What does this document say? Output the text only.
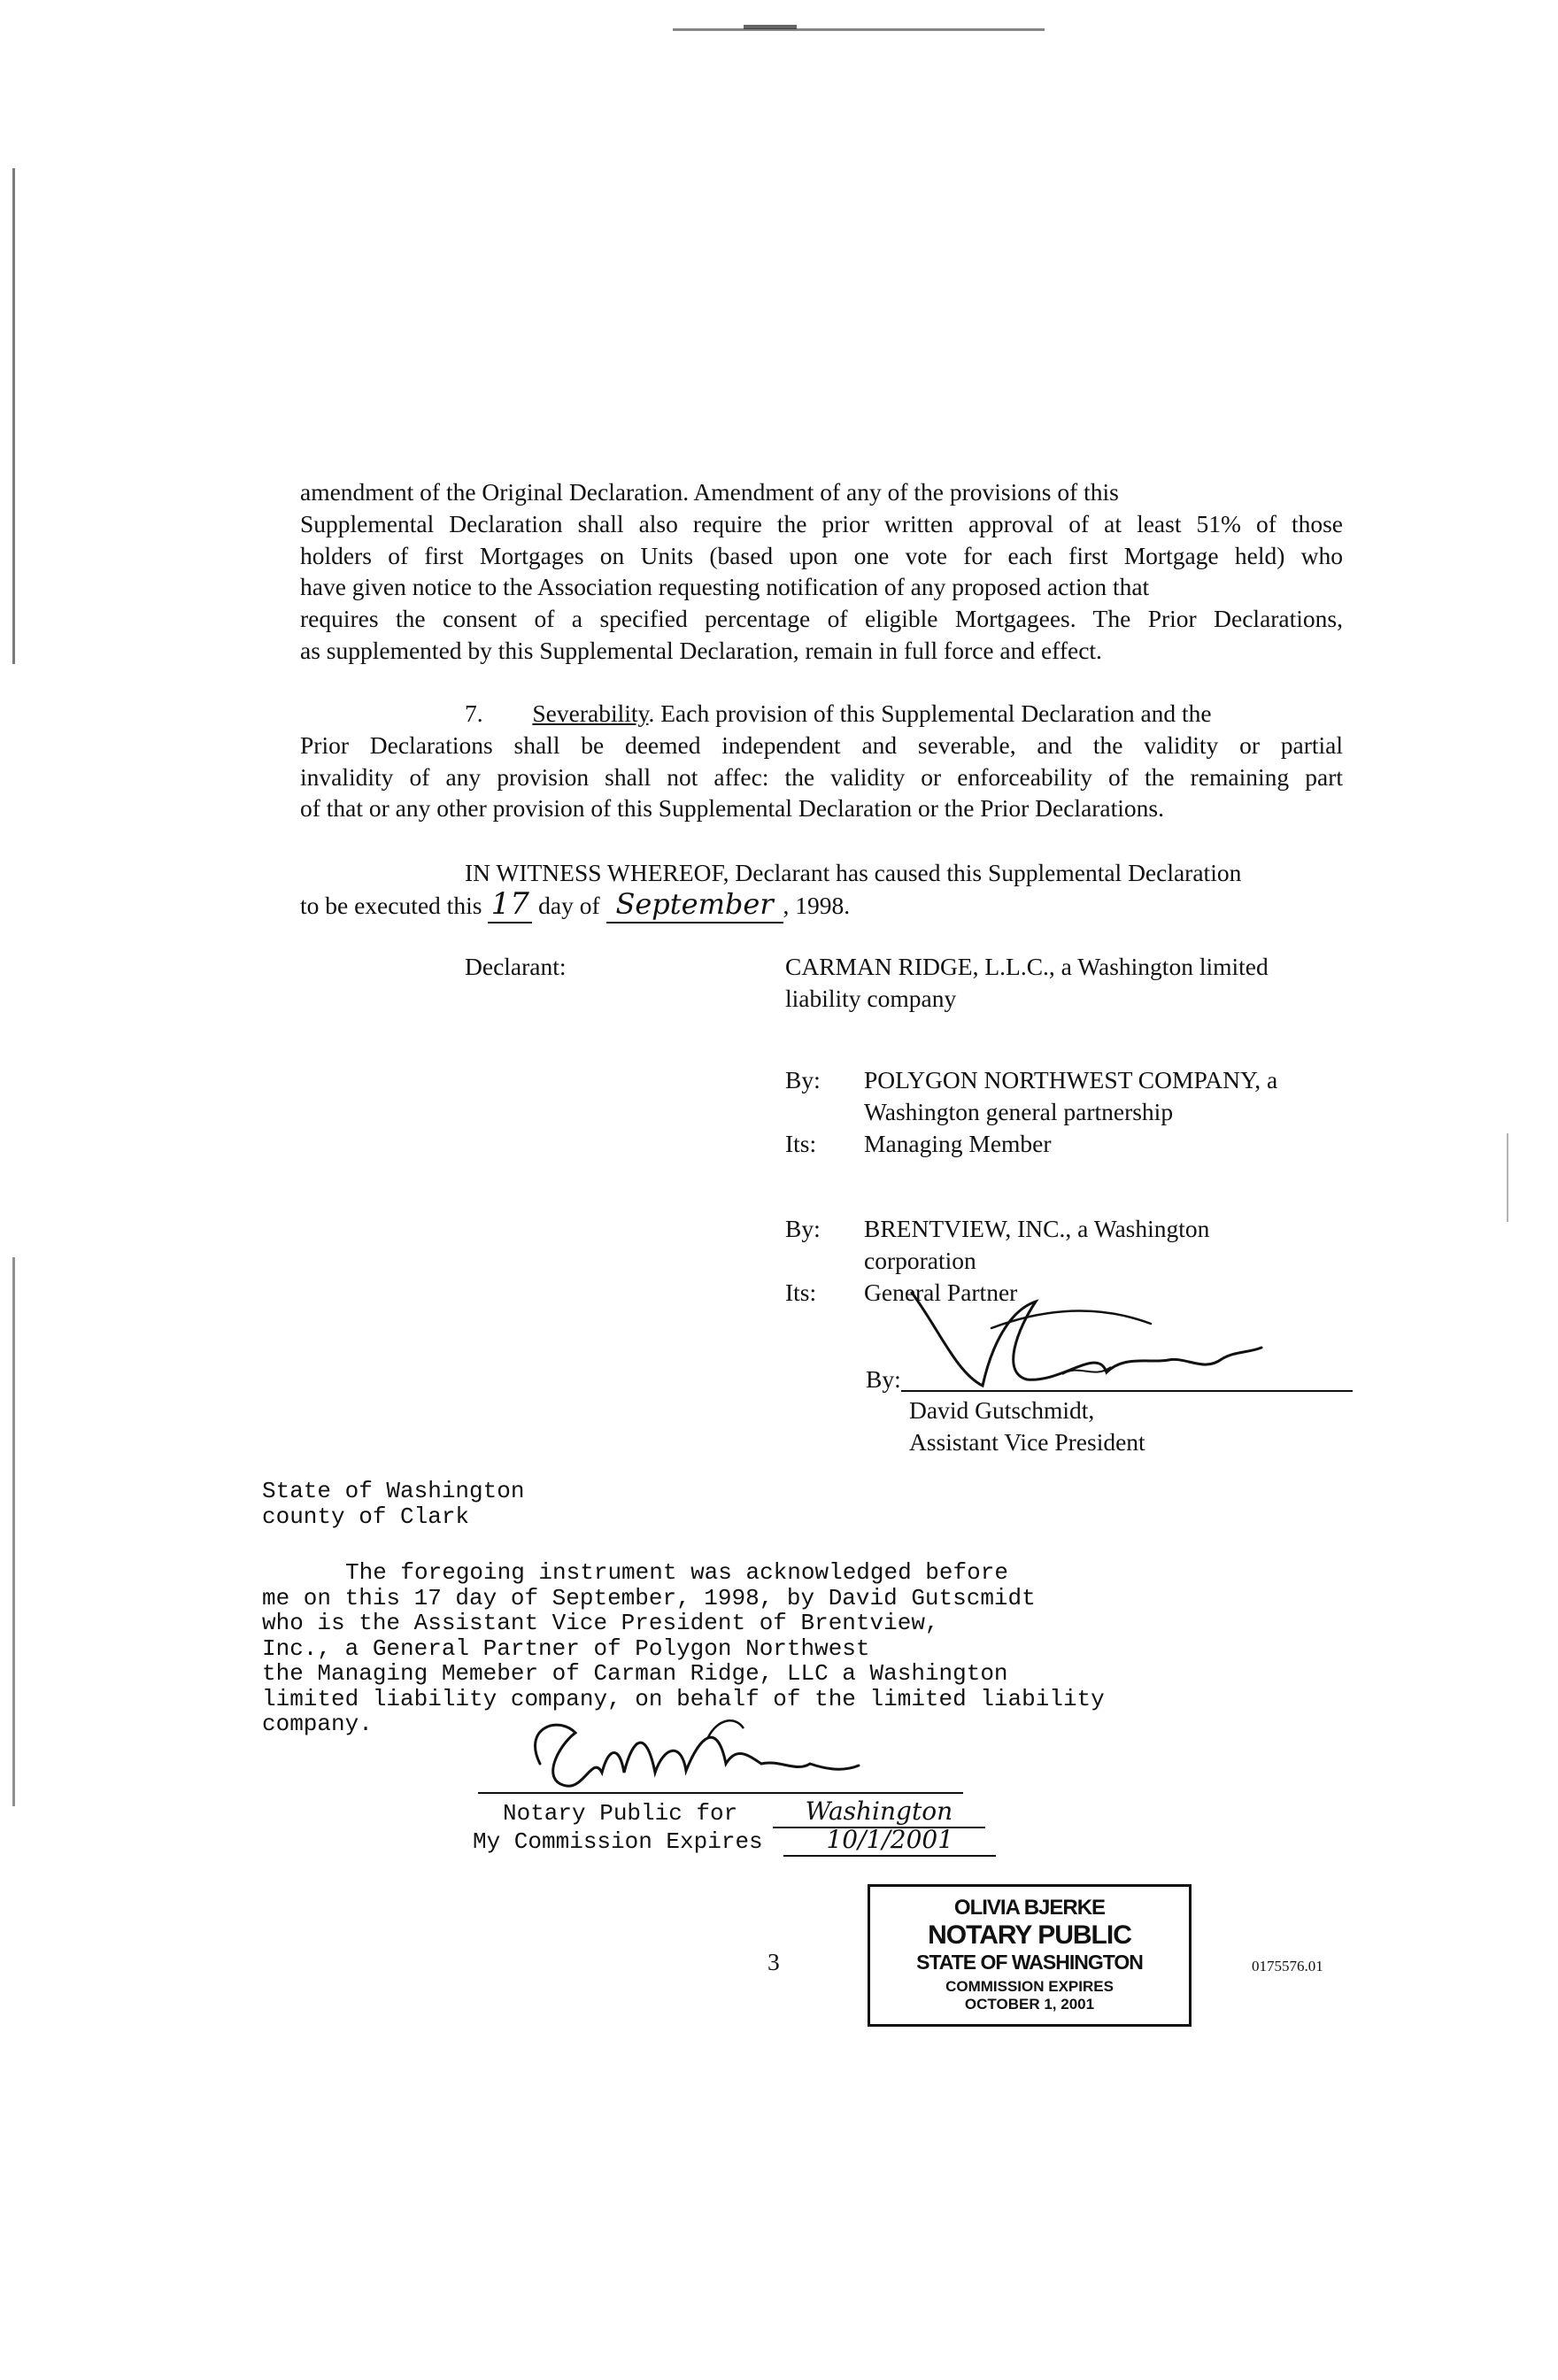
amendment of the Original Declaration. Amendment of any of the provisions of this
Supplemental Declaration shall also require the prior written approval of at least 51% of those
holders of first Mortgages on Units (based upon one vote for each first Mortgage held) who
have given notice to the Association requesting notification of any proposed action that
requires the consent of a specified percentage of eligible Mortgagees. The Prior Declarations,
as supplemented by this Supplemental Declaration, remain in full force and effect.
7. Severability. Each provision of this Supplemental Declaration and the
Prior Declarations shall be deemed independent and severable, and the validity or partial
invalidity of any provision shall not affec: the validity or enforceability of the remaining part
of that or any other provision of this Supplemental Declaration or the Prior Declarations.
IN WITNESS WHEREOF, Declarant has caused this Supplemental Declaration
to be executed this 17 day of September , 1998.
Declarant:	CARMAN RIDGE, L.L.C., a Washington limited
liability company
By: POLYGON NORTHWEST COMPANY, a
Washington general partnership
Its: Managing Member
By: BRENTVIEW, INC., a Washington
corporation
Its: General Partner
By:
David Gutschmidt,
Assistant Vice President
State of Washington
county of Clark
The foregoing instrument was acknowledged before
me on this 17 day of September, 1998, by David Gutscmidt
who is the Assistant Vice President of Brentview,
Inc., a General Partner of Polygon Northwest
the Managing Memeber of Carman Ridge, LLC a Washington
limited liability company, on behalf of the limited liability
company.
Notary Public for	Washington
My Commission Expires	10/1/2001
OLIVIA BJERKE
NOTARY PUBLIC
STATE OF WASHINGTON
COMMISSION EXPIRES
OCTOBER 1, 2001
3	0175576.01
